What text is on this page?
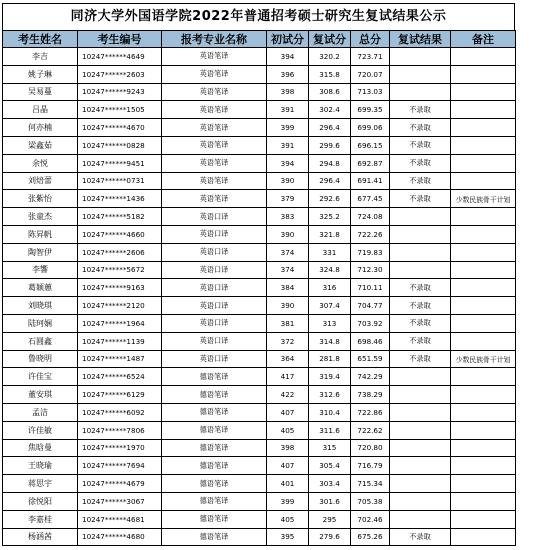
同济大学外国语学院2022年普通招考硕士研究生复试结果公示
考生姓名	考生编号	报考专业名称	初试分	复试分	总分	复试结果	备注
李吉	10247******4649	英语笔译	394	320.2	723.71		
姚子琳	10247******2603	英语笔译	396	315.8	720.07		
吴易蔓	10247******9243	英语笔译	398	308.6	713.03		
吕晶	10247******1505	英语笔译	391	302.4	699.35	不录取	
何亦楠	10247******4670	英语笔译	399	296.4	699.06	不录取	
梁鑫茹	10247******0828	英语笔译	391	299.6	696.15	不录取	
余悦	10247******9451	英语笔译	394	294.8	692.87	不录取	
刘焙蕾	10247******0731	英语笔译	390	296.4	691.41	不录取	
张紫怡	10247******1436	英语笔译	379	292.6	677.45	不录取	少数民族骨干计划
张童杰	10247******5182	英语口译	383	325.2	724.08		
陈昇帆	10247******4660	英语口译	390	321.8	722.26		
陶智伊	10247******2606	英语口译	374	331	719.83		
李響	10247******5672	英语口译	374	324.8	712.30		
葛颖蕙	10247******9163	英语口译	384	316	710.11	不录取	
刘晓琪	10247******2120	英语口译	390	307.4	704.77	不录取	
陆珂娴	10247******1964	英语口译	381	313	703.92	不录取	
石圆鑫	10247******1139	英语口译	372	314.8	698.46	不录取	
鲁晓明	10247******1487	英语口译	364	281.8	651.59	不录取	少数民族骨干计划
许佳宝	10247******6524	德语笔译	417	319.4	742.29		
董安琪	10247******6129	德语笔译	422	312.6	738.29		
孟洁	10247******6092	德语笔译	407	310.4	722.86		
许佳敏	10247******7806	德语笔译	405	311.6	722.62		
焦晗曼	10247******1970	德语笔译	398	315	720.80		
王晓瑜	10247******7694	德语笔译	407	305.4	716.79		
蒋思宇	10247******4679	德语笔译	401	303.4	715.34		
徐悦阳	10247******3067	德语笔译	399	301.6	705.38		
李嘉桂	10247******4681	德语笔译	405	295	702.46		
杨涵茜	10247******4680	德语笔译	395	279.6	675.26	不录取	
